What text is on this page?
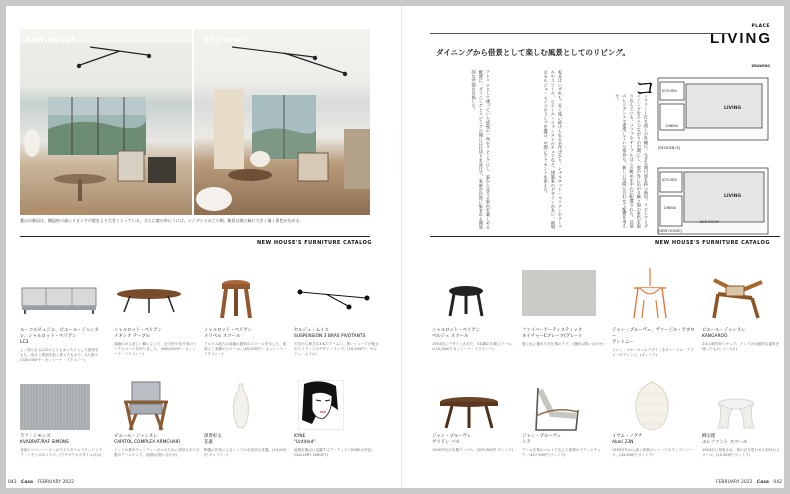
NEW HOUSE	RESIDENCE
葉山の新居は、構造柱の高いリビングの窓をより大きくとっている。さらに窓の外にうには、レジデンスのころ柄、新居は海と緑に大きく描く景色が広がる。
NEW HOUSE'S FURNITURE CATALOG
ル・コルビュジエ、ピエール・ジャンヌレ、シャルロット・ペリアン
LC3
よく知られるLC2のよりもゆったりとした座面をもち、高さと座面を低く抑えたもので、3人掛け(320,000円〜 カッシーナ・イクスシー)
シャルロット・ペリアン
メキシク テーブル
曲線のある美しい脚によって、正方形や長方形のワークスペースを作りました。(580,000円〜 カッシーナ・イクスシー)
シャルロット・ペリアン
メリベル スツール
アルプス地方の高地の農家のスツールを写した、座面と三本脚のスツール。(85,000円〜 カッシーナ・イクスシー)
セルジュ・ムイユ
SUSPENSION 3 BRAS PIVOTANTS
天井から伸びる3本のアームに、黒いシェードが配されたフランスのデザインランプ。(16,500円〜 セルジュ・ムイユ)
ラフ・シモンズ
KVADRAT/RAF SIMONS
北欧のコペンハーゲンのテキスタイルブランドとラフ・シモンズのコラボ。(ウチダテキスタイルほか)
ピエール・ジャンヌレ
CAPITOL COMPLEX ARMCHAIR
インドの都市チャンディーガルのために設計された木製のアームチェア。(価格お問い合わせ)
澤豊彰文
花器
陶器の作家によるシンプルな形状の花器。(13,000円 ギャラリー)
KYNE
"Untitled"
福岡を拠点に活躍するアーティストKYNEの作品。(GALLERY TARGET)
043 Casa FEBRUARY 2022
PLACE
LIVING
ダイニングから借景として楽しむ風景としてのリビング。
コ
ンクリート打ち放しの外観に、大きな開口部を持つ新居。リビングとダイニングをひとつながりの空間にし、窓の外に広がる緑と海の景色を取り込んでいる。ソファやテーブルはこの眺めを中心に配置された。以前のレジデンスで愛用していた家具も、新しい空間に合わせて配置を考えた。
家具はいずれも、長く使い続けられる名作ばかり。シャルロット・ペリアンのテーブルやスツール、ピエール・ジャンヌレのチェアなど、建築家のデザインが多い。照明はセルジュ・ムイユのランプを選び、空間にアクセントを添えた。
アトリエとして使っていた部屋の一角をリビングにし、窓から見える景色を楽しめる配置に。ダイニングとリビングの間には仕切りを設けず、家族が自然に集まれる開放的な空間を目指した。
DRAWING
KITCHEN
DINING
LIVING
[RESIDENCE]
KITCHEN
DINING
LIVING
BED ROOM
[NEW HOUSE]
NEW HOUSE'S FURNITURE CATALOG
シャルロット・ペリアン
ベルジェ スツール
1953年にデザインされた、3本脚の木製スツール。(110,000円 カッシーナ・イクスシー)
ファイバーアーティスティック
ネイチャーCブレーク(グレー)
強く色に優れた手仕事のラグ。(価格お問い合わせ)
ジャン・プルーヴェ、ヴァージル・アブロー
アントニー
ジャン・プルーヴェのデザインをヴァージル・アブローがアレンジ。(ヴィトラ)
ピエール・ジャンヌレ
KANGAROO
2本の脚を持つチェア。インドの伝統的な素材を使ったもの。(シボネ)
ジャン・プルーヴェ
ゲリドン バス
1940年代の木製テーブル。(225,900円 ヴィトラ)
ジャン・プルーヴェ
シテ
アームを革のベルトで支えた独特のラウンジチェア。(417,900円 ヴィトラ)
イサム・ノグチ
Akari 23N
1950年代から続く和紙のシェードのランプシリーズ。(43,800円 ヴィトラ)
柳宗理
エレファント スツール
1954年に発表され、象の足を思わせる形状のスツール。(15,400円 ヴィトラ)
FEBRUARY 2022 Casa 042
